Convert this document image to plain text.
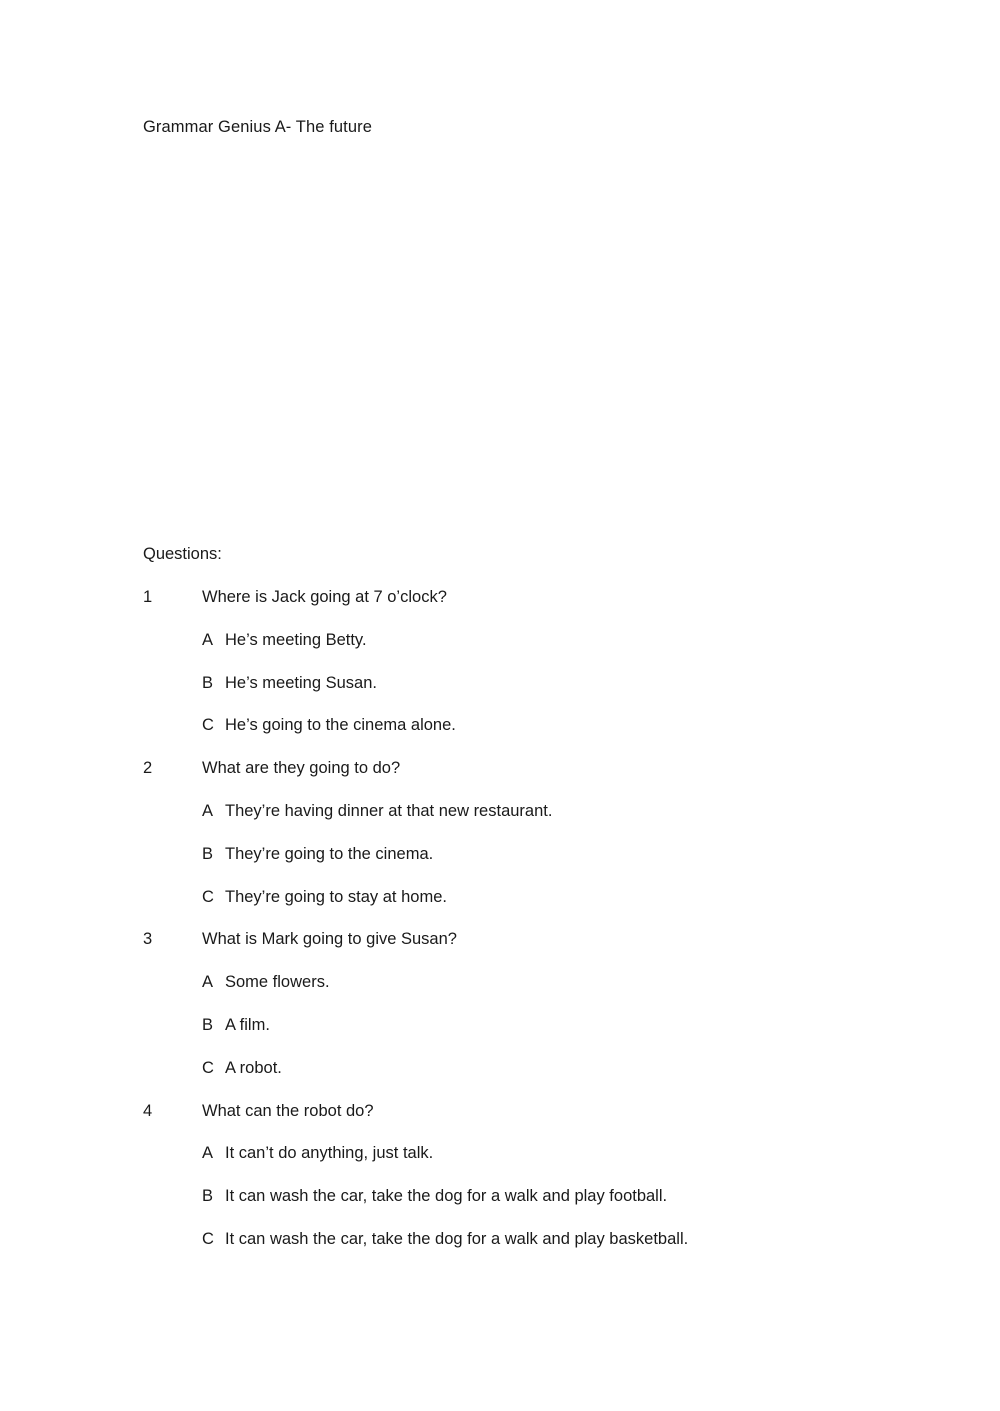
Grammar Genius A- The future
Questions:
1	Where is Jack going at 7 o’clock?
A He’s meeting Betty.
B He’s meeting Susan.
C He’s going to the cinema alone.
2	What are they going to do?
A They’re having dinner at that new restaurant.
B They’re going to the cinema.
C They’re going to stay at home.
3	What is Mark going to give Susan?
A Some flowers.
B A film.
C A robot.
4	What can the robot do?
A It can’t do anything, just talk.
B It can wash the car, take the dog for a walk and play football.
C It can wash the car, take the dog for a walk and play basketball.
